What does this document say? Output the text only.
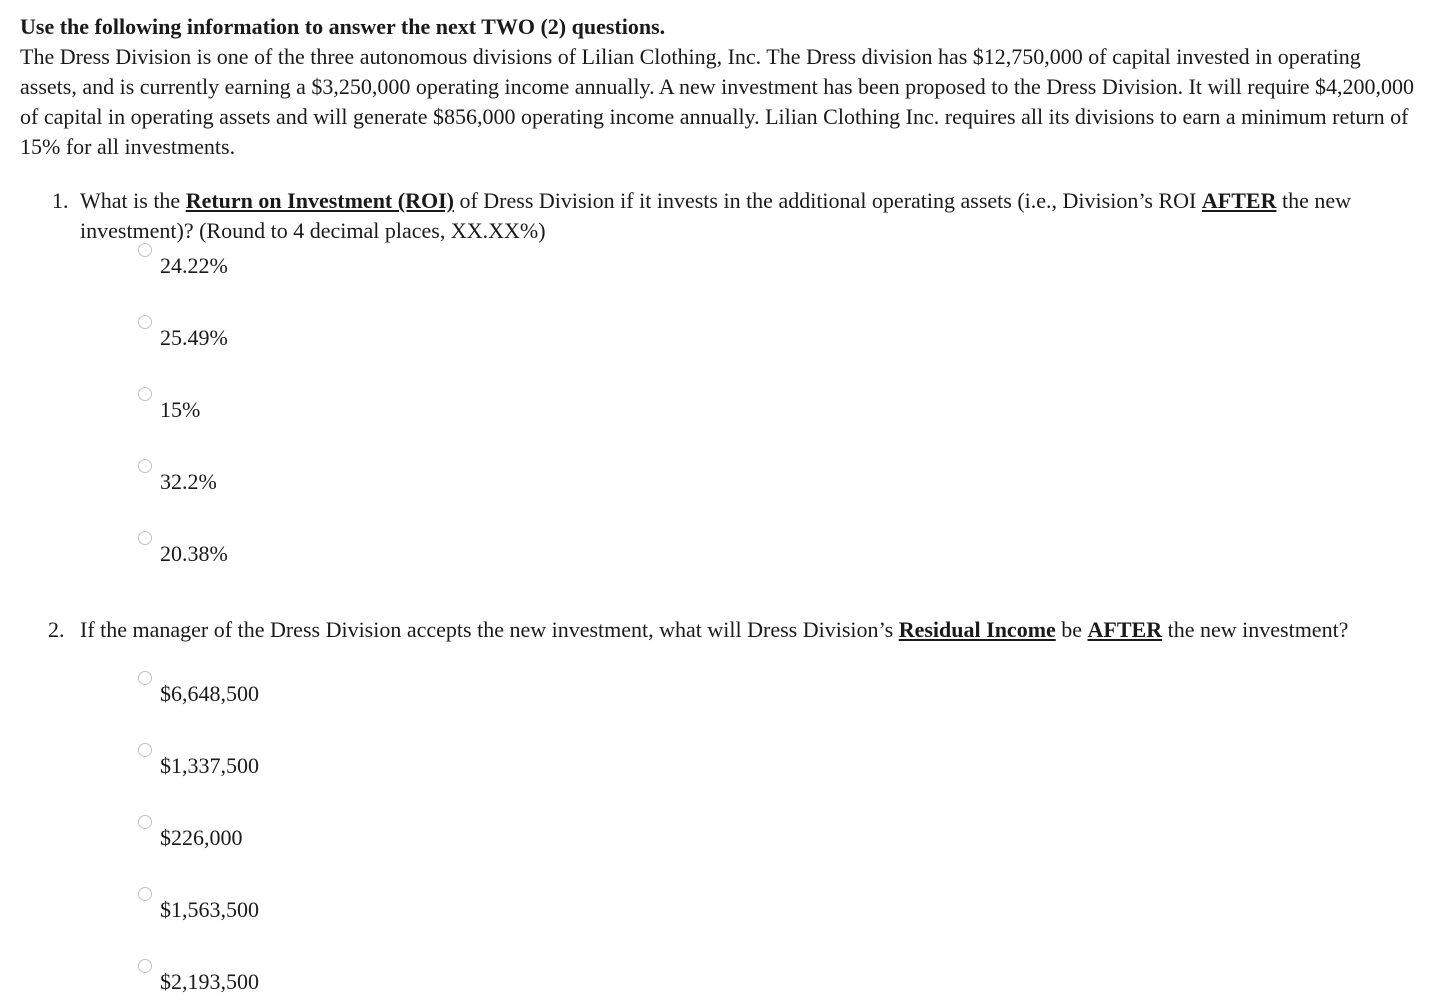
Use the following information to answer the next TWO (2) questions.
The Dress Division is one of the three autonomous divisions of Lilian Clothing, Inc. The Dress division has $12,750,000 of capital invested in operating assets, and is currently earning a $3,250,000 operating income annually. A new investment has been proposed to the Dress Division. It will require $4,200,000 of capital in operating assets and will generate $856,000 operating income annually. Lilian Clothing Inc. requires all its divisions to earn a minimum return of 15% for all investments.
1. What is the Return on Investment (ROI) of Dress Division if it invests in the additional operating assets (i.e., Division’s ROI AFTER the new investment)? (Round to 4 decimal places, XX.XX%)
24.22%
25.49%
15%
32.2%
20.38%
2. If the manager of the Dress Division accepts the new investment, what will Dress Division’s Residual Income be AFTER the new investment?
$6,648,500
$1,337,500
$226,000
$1,563,500
$2,193,500
